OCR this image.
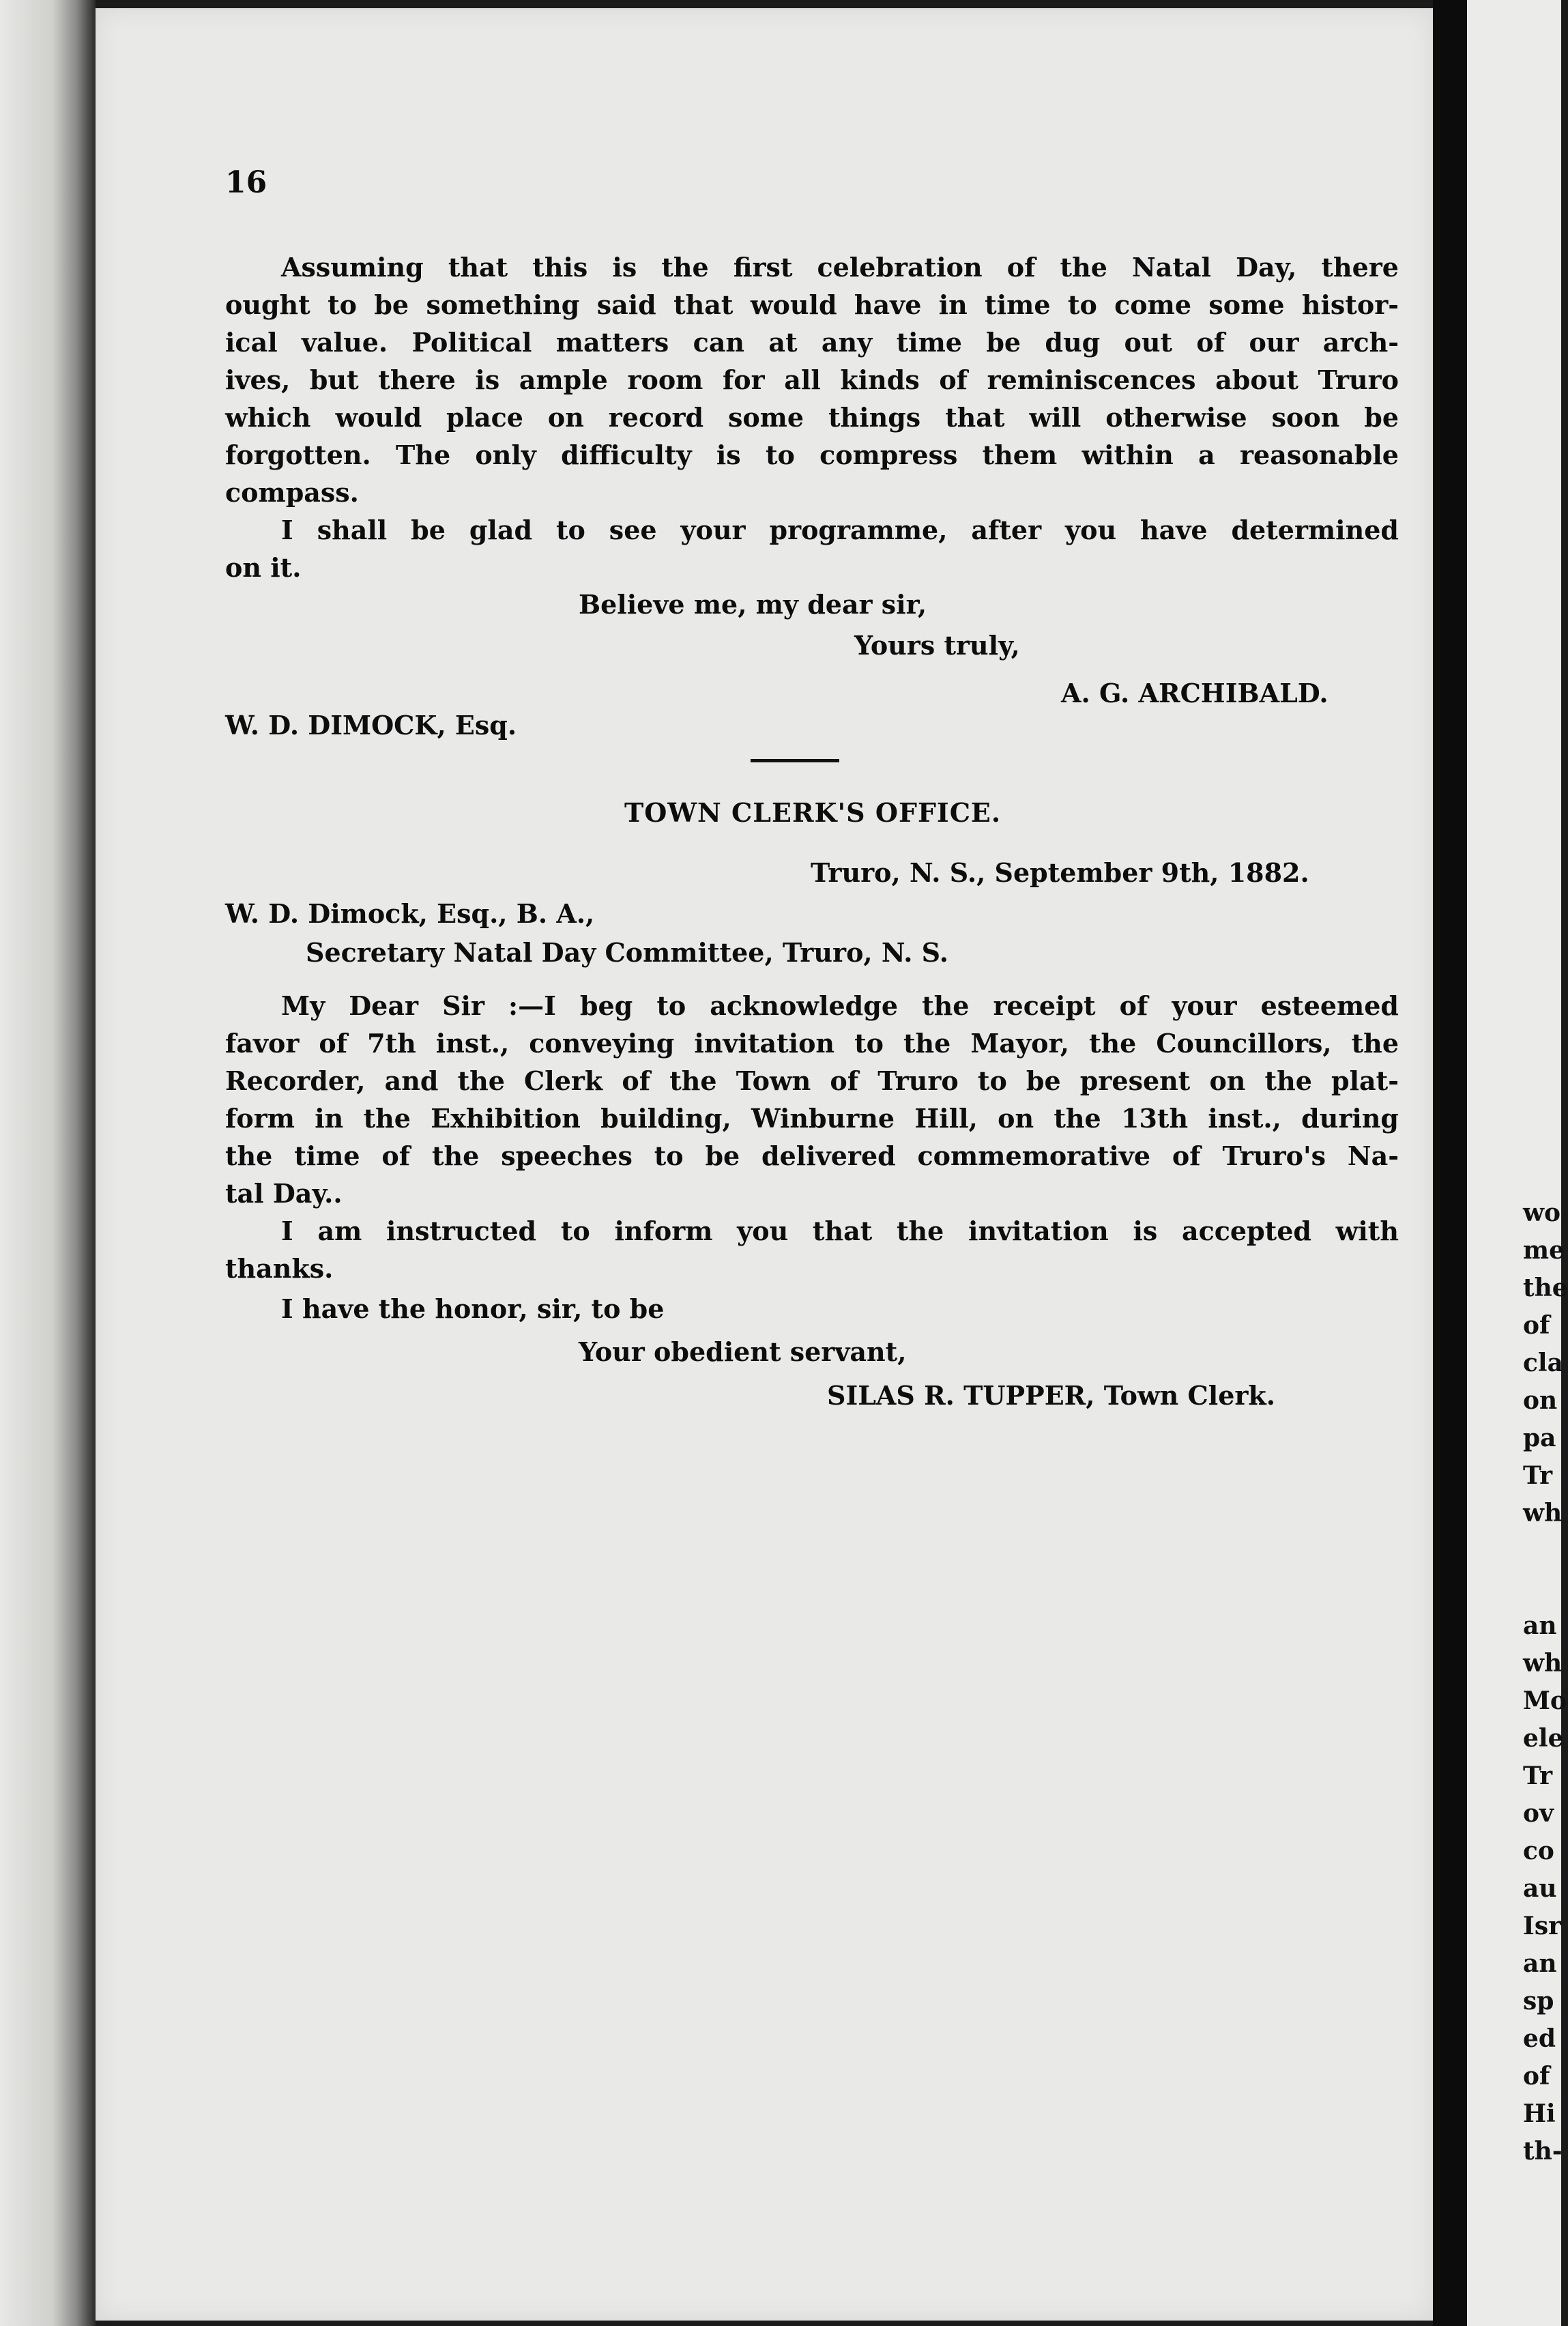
wo
me
the
of
cla
on
pa
Tr
wh
an
wh
Mo
ele
Tr
ov
co
au
Isr
an
sp
ed
of
Hi
th-
16
Assuming that this is the first celebration of the Natal Day, there
ought to be something said that would have in time to come some histor-
ical value. Political matters can at any time be dug out of our arch-
ives, but there is ample room for all kinds of reminiscences about Truro
which would place on record some things that will otherwise soon be
forgotten. The only difficulty is to compress them within a reasonable
compass.
I shall be glad to see your programme, after you have determined
on it.
Believe me, my dear sir,
Yours truly,
A. G. ARCHIBALD.
W. D. DIMOCK, Esq.
TOWN CLERK'S OFFICE.
Truro, N. S., September 9th, 1882.
W. D. Dimock, Esq., B. A.,
Secretary Natal Day Committee, Truro, N. S.
My Dear Sir :—I beg to acknowledge the receipt of your esteemed
favor of 7th inst., conveying invitation to the Mayor, the Councillors, the
Recorder, and the Clerk of the Town of Truro to be present on the plat-
form in the Exhibition building, Winburne Hill, on the 13th inst., during
the time of the speeches to be delivered commemorative of Truro's Na-
tal Day..
I am instructed to inform you that the invitation is accepted with
thanks.
I have the honor, sir, to be
Your obedient servant,
SILAS R. TUPPER, Town Clerk.
